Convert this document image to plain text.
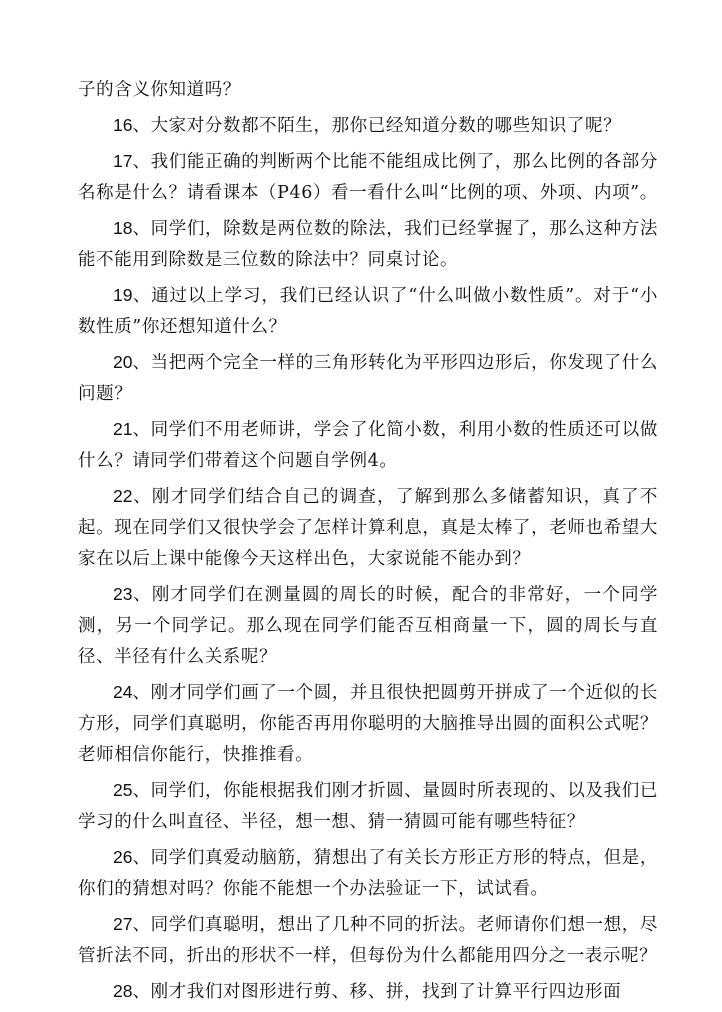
子的含义你知道吗？

16、大家对分数都不陌生，那你已经知道分数的哪些知识了呢？

17、我们能正确的判断两个比能不能组成比例了，那么比例的各部分名称是什么？请看课本（P46）看一看什么叫“比例的项、外项、内项”。

18、同学们，除数是两位数的除法，我们已经掌握了，那么这种方法能不能用到除数是三位数的除法中？同桌讨论。

19、通过以上学习，我们已经认识了“什么叫做小数性质”。对于“小数性质”你还想知道什么？

20、当把两个完全一样的三角形转化为平形四边形后，你发现了什么问题？

21、同学们不用老师讲，学会了化简小数，利用小数的性质还可以做什么？请同学们带着这个问题自学例4。

22、刚才同学们结合自己的调查，了解到那么多储蓄知识，真了不起。现在同学们又很快学会了怎样计算利息，真是太棒了，老师也希望大家在以后上课中能像今天这样出色，大家说能不能办到？

23、刚才同学们在测量圆的周长的时候，配合的非常好，一个同学测，另一个同学记。那么现在同学们能否互相商量一下，圆的周长与直径、半径有什么关系呢？

24、刚才同学们画了一个圆，并且很快把圆剪开拼成了一个近似的长方形，同学们真聪明，你能否再用你聪明的大脑推导出圆的面积公式呢？老师相信你能行，快推推看。

25、同学们，你能根据我们刚才折圆、量圆时所表现的、以及我们已学习的什么叫直径、半径，想一想、猜一猜圆可能有哪些特征？

26、同学们真爱动脑筋，猜想出了有关长方形正方形的特点，但是，你们的猜想对吗？你能不能想一个办法验证一下，试试看。

27、同学们真聪明，想出了几种不同的折法。老师请你们想一想，尽管折法不同，折出的形状不一样，但每份为什么都能用四分之一表示呢？

28、刚才我们对图形进行剪、移、拼，找到了计算平行四边形面
